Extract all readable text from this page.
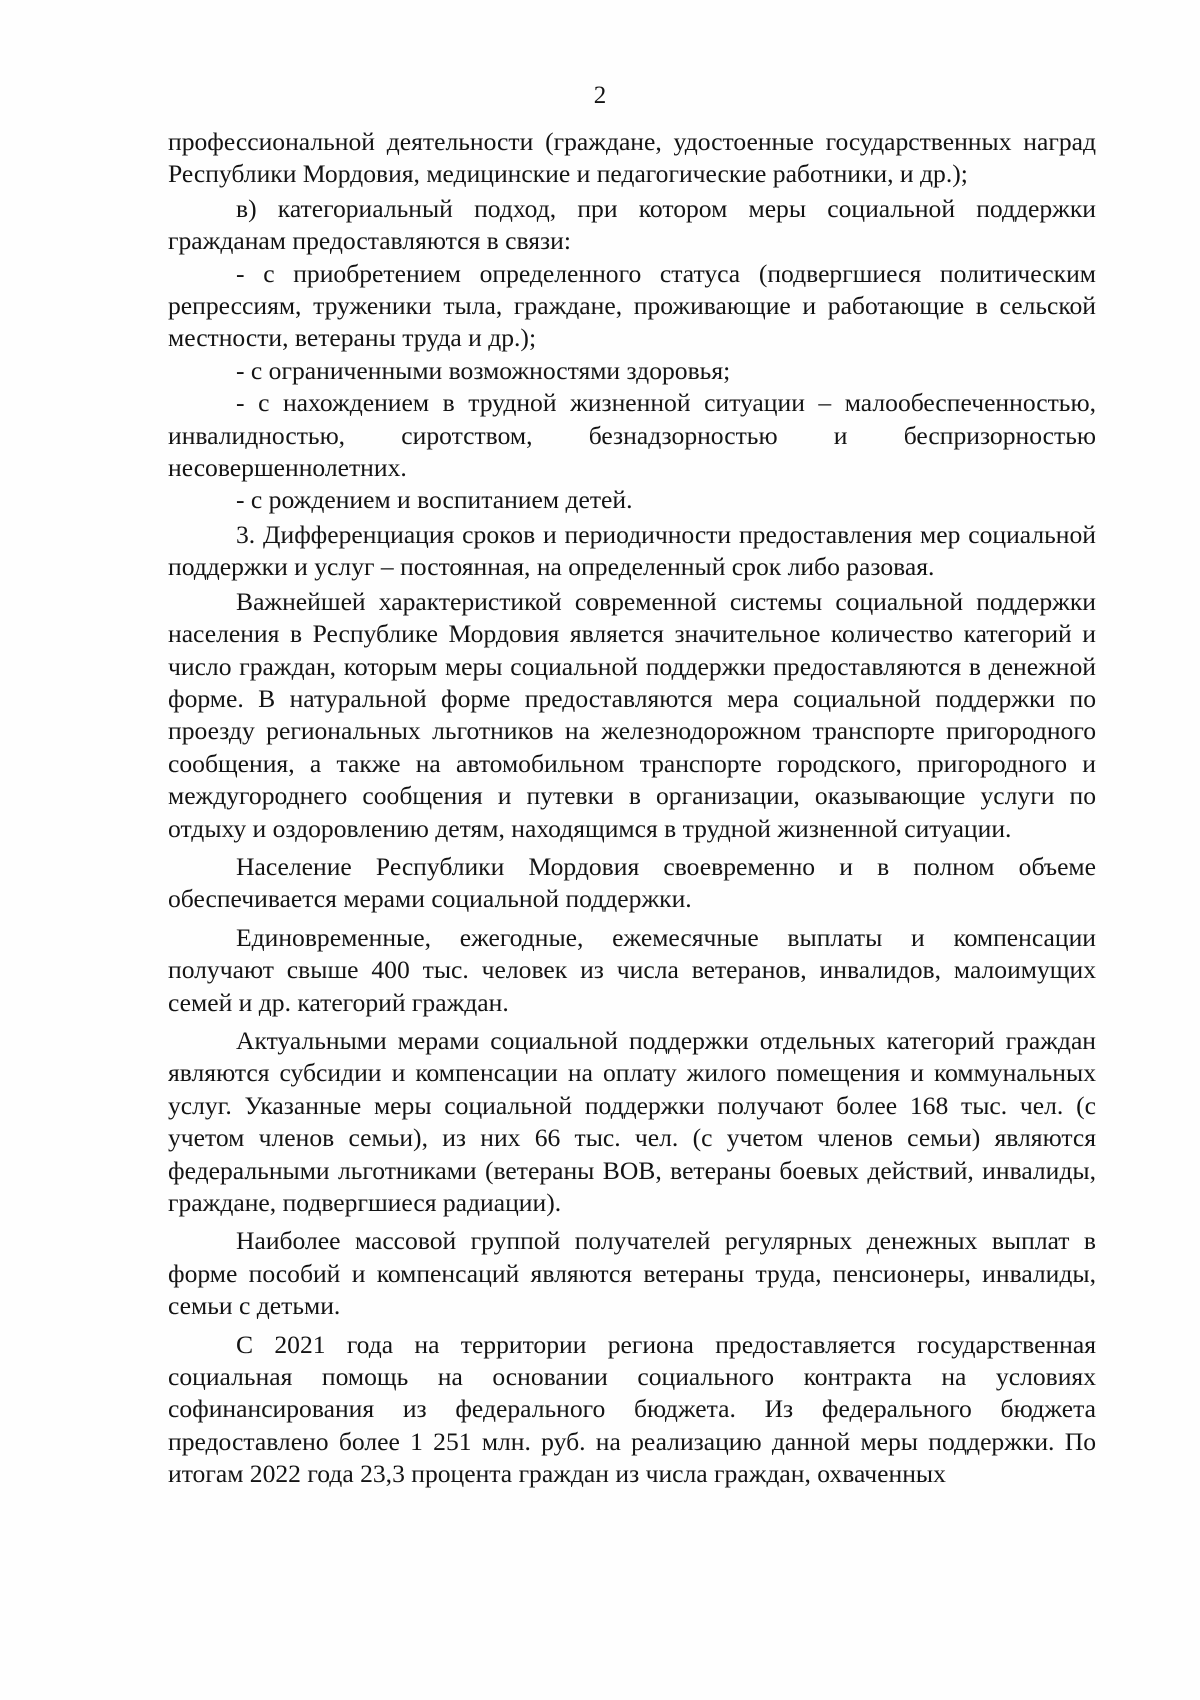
2

профессиональной деятельности (граждане, удостоенные государственных наград Республики Мордовия, медицинские и педагогические работники, и др.);

в) категориальный подход, при котором меры социальной поддержки гражданам предоставляются в связи:

- с приобретением определенного статуса (подвергшиеся политическим репрессиям, труженики тыла, граждане, проживающие и работающие в сельской местности, ветераны труда и др.);

- с ограниченными возможностями здоровья;

- с нахождением в трудной жизненной ситуации – малообеспеченностью, инвалидностью, сиротством, безнадзорностью и беспризорностью несовершеннолетних.

- с рождением и воспитанием детей.

3. Дифференциация сроков и периодичности предоставления мер социальной поддержки и услуг – постоянная, на определенный срок либо разовая.

Важнейшей характеристикой современной системы социальной поддержки населения в Республике Мордовия является значительное количество категорий и число граждан, которым меры социальной поддержки предоставляются в денежной форме. В натуральной форме предоставляются мера социальной поддержки по проезду региональных льготников на железнодорожном транспорте пригородного сообщения, а также на автомобильном транспорте городского, пригородного и междугороднего сообщения и путевки в организации, оказывающие услуги по отдыху и оздоровлению детям, находящимся в трудной жизненной ситуации.

Население Республики Мордовия своевременно и в полном объеме обеспечивается мерами социальной поддержки.

Единовременные, ежегодные, ежемесячные выплаты и компенсации получают свыше 400 тыс. человек из числа ветеранов, инвалидов, малоимущих семей и др. категорий граждан.

Актуальными мерами социальной поддержки отдельных категорий граждан являются субсидии и компенсации на оплату жилого помещения и коммунальных услуг. Указанные меры социальной поддержки получают более 168 тыс. чел. (с учетом членов семьи), из них 66 тыс. чел. (с учетом членов семьи) являются федеральными льготниками (ветераны ВОВ, ветераны боевых действий, инвалиды, граждане, подвергшиеся радиации).

Наиболее массовой группой получателей регулярных денежных выплат в форме пособий и компенсаций являются ветераны труда, пенсионеры, инвалиды, семьи с детьми.

С 2021 года на территории региона предоставляется государственная социальная помощь на основании социального контракта на условиях софинансирования из федерального бюджета. Из федерального бюджета предоставлено более 1 251 млн. руб. на реализацию данной меры поддержки. По итогам 2022 года 23,3 процента граждан из числа граждан, охваченных
